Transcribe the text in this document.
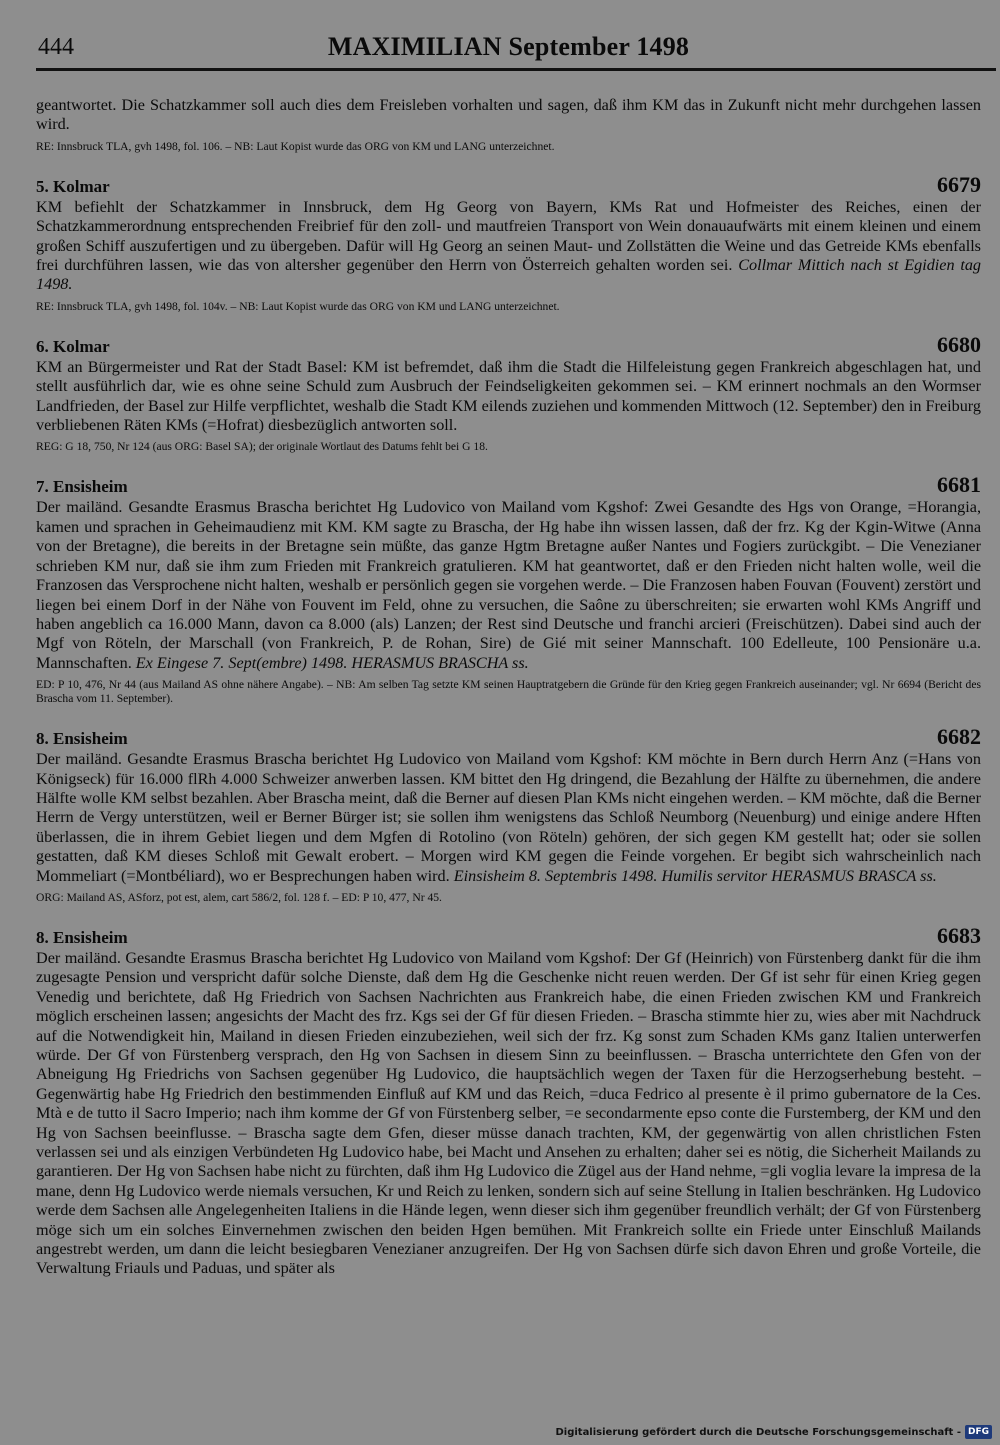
444	MAXIMILIAN September 1498

geantwortet. Die Schatzkammer soll auch dies dem Freisleben vorhalten und sagen, daß ihm KM das in Zukunft nicht mehr durchgehen lassen wird.

RE: Innsbruck TLA, gvh 1498, fol. 106. – NB: Laut Kopist wurde das ORG von KM und LANG unterzeichnet.

5. Kolmar	6679

KM befiehlt der Schatzkammer in Innsbruck, dem Hg Georg von Bayern, KMs Rat und Hofmeister des Reiches, einen der Schatzkammerordnung entsprechenden Freibrief für den zoll- und mautfreien Transport von Wein donauaufwärts mit einem kleinen und einem großen Schiff auszufertigen und zu übergeben. Dafür will Hg Georg an seinen Maut- und Zollstätten die Weine und das Getreide KMs ebenfalls frei durchführen lassen, wie das von altersher gegenüber den Herrn von Österreich gehalten worden sei. Collmar Mittich nach st Egidien tag 1498.

RE: Innsbruck TLA, gvh 1498, fol. 104v. – NB: Laut Kopist wurde das ORG von KM und LANG unterzeichnet.

6. Kolmar	6680

KM an Bürgermeister und Rat der Stadt Basel: KM ist befremdet, daß ihm die Stadt die Hilfeleistung gegen Frankreich abgeschlagen hat, und stellt ausführlich dar, wie es ohne seine Schuld zum Ausbruch der Feindseligkeiten gekommen sei. – KM erinnert nochmals an den Wormser Landfrieden, der Basel zur Hilfe verpflichtet, weshalb die Stadt KM eilends zuziehen und kommenden Mittwoch (12. September) den in Freiburg verbliebenen Räten KMs (=Hofrat) diesbezüglich antworten soll.

REG: G 18, 750, Nr 124 (aus ORG: Basel SA); der originale Wortlaut des Datums fehlt bei G 18.

7. Ensisheim	6681

Der mailänd. Gesandte Erasmus Brascha berichtet Hg Ludovico von Mailand vom Kgshof: Zwei Gesandte des Hgs von Orange, =Horangia, kamen und sprachen in Geheimaudienz mit KM. KM sagte zu Brascha, der Hg habe ihn wissen lassen, daß der frz. Kg der Kgin-Witwe (Anna von der Bretagne), die bereits in der Bretagne sein müßte, das ganze Hgtm Bretagne außer Nantes und Fogiers zurückgibt. – Die Venezianer schrieben KM nur, daß sie ihm zum Frieden mit Frankreich gratulieren. KM hat geantwortet, daß er den Frieden nicht halten wolle, weil die Franzosen das Versprochene nicht halten, weshalb er persönlich gegen sie vorgehen werde. – Die Franzosen haben Fouvan (Fouvent) zerstört und liegen bei einem Dorf in der Nähe von Fouvent im Feld, ohne zu versuchen, die Saône zu überschreiten; sie erwarten wohl KMs Angriff und haben angeblich ca 16.000 Mann, davon ca 8.000 (als) Lanzen; der Rest sind Deutsche und franchi arcieri (Freischützen). Dabei sind auch der Mgf von Röteln, der Marschall (von Frankreich, P. de Rohan, Sire) de Gié mit seiner Mannschaft. 100 Edelleute, 100 Pensionäre u.a. Mannschaften. Ex Eingese 7. Sept(embre) 1498. HERASMUS BRASCHA ss.

ED: P 10, 476, Nr 44 (aus Mailand AS ohne nähere Angabe). – NB: Am selben Tag setzte KM seinen Hauptratgebern die Gründe für den Krieg gegen Frankreich auseinander; vgl. Nr 6694 (Bericht des Brascha vom 11. September).

8. Ensisheim	6682

Der mailänd. Gesandte Erasmus Brascha berichtet Hg Ludovico von Mailand vom Kgshof: KM möchte in Bern durch Herrn Anz (=Hans von Königseck) für 16.000 flRh 4.000 Schweizer anwerben lassen. KM bittet den Hg dringend, die Bezahlung der Hälfte zu übernehmen, die andere Hälfte wolle KM selbst bezahlen. Aber Brascha meint, daß die Berner auf diesen Plan KMs nicht eingehen werden. – KM möchte, daß die Berner Herrn de Vergy unterstützen, weil er Berner Bürger ist; sie sollen ihm wenigstens das Schloß Neumborg (Neuenburg) und einige andere Hften überlassen, die in ihrem Gebiet liegen und dem Mgfen di Rotolino (von Röteln) gehören, der sich gegen KM gestellt hat; oder sie sollen gestatten, daß KM dieses Schloß mit Gewalt erobert. – Morgen wird KM gegen die Feinde vorgehen. Er begibt sich wahrscheinlich nach Mommeliart (=Montbéliard), wo er Besprechungen haben wird. Einsisheim 8. Septembris 1498. Humilis servitor HERASMUS BRASCA ss.

ORG: Mailand AS, ASforz, pot est, alem, cart 586/2, fol. 128 f. – ED: P 10, 477, Nr 45.

8. Ensisheim	6683

Der mailänd. Gesandte Erasmus Brascha berichtet Hg Ludovico von Mailand vom Kgshof: Der Gf (Heinrich) von Fürstenberg dankt für die ihm zugesagte Pension und verspricht dafür solche Dienste, daß dem Hg die Geschenke nicht reuen werden. Der Gf ist sehr für einen Krieg gegen Venedig und berichtete, daß Hg Friedrich von Sachsen Nachrichten aus Frankreich habe, die einen Frieden zwischen KM und Frankreich möglich erscheinen lassen; angesichts der Macht des frz. Kgs sei der Gf für diesen Frieden. – Brascha stimmte hier zu, wies aber mit Nachdruck auf die Notwendigkeit hin, Mailand in diesen Frieden einzubeziehen, weil sich der frz. Kg sonst zum Schaden KMs ganz Italien unterwerfen würde. Der Gf von Fürstenberg versprach, den Hg von Sachsen in diesem Sinn zu beeinflussen. – Brascha unterrichtete den Gfen von der Abneigung Hg Friedrichs von Sachsen gegenüber Hg Ludovico, die hauptsächlich wegen der Taxen für die Herzogserhebung besteht. – Gegenwärtig habe Hg Friedrich den bestimmenden Einfluß auf KM und das Reich, =duca Fedrico al presente è il primo gubernatore de la Ces. Mtà e de tutto il Sacro Imperio; nach ihm komme der Gf von Fürstenberg selber, =e secondarmente epso conte die Furstemberg, der KM und den Hg von Sachsen beeinflusse. – Brascha sagte dem Gfen, dieser müsse danach trachten, KM, der gegenwärtig von allen christlichen Fsten verlassen sei und als einzigen Verbündeten Hg Ludovico habe, bei Macht und Ansehen zu erhalten; daher sei es nötig, die Sicherheit Mailands zu garantieren. Der Hg von Sachsen habe nicht zu fürchten, daß ihm Hg Ludovico die Zügel aus der Hand nehme, =gli voglia levare la impresa de la mane, denn Hg Ludovico werde niemals versuchen, Kr und Reich zu lenken, sondern sich auf seine Stellung in Italien beschränken. Hg Ludovico werde dem Sachsen alle Angelegenheiten Italiens in die Hände legen, wenn dieser sich ihm gegenüber freundlich verhält; der Gf von Fürstenberg möge sich um ein solches Einvernehmen zwischen den beiden Hgen bemühen. Mit Frankreich sollte ein Friede unter Einschluß Mailands angestrebt werden, um dann die leicht besiegbaren Venezianer anzugreifen. Der Hg von Sachsen dürfe sich davon Ehren und große Vorteile, die Verwaltung Friauls und Paduas, und später als

Digitalisierung gefördert durch die Deutsche Forschungsgemeinschaft - DFG
